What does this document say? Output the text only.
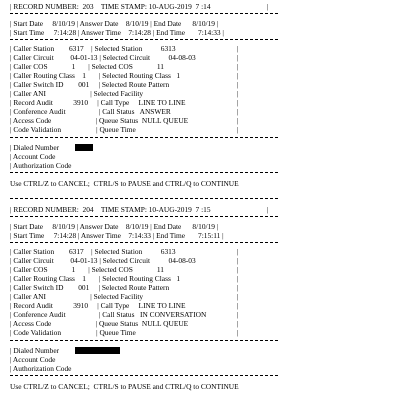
| RECORD NUMBER:  203    TIME STAMP: 10-AUG-2019  7 :14	|
| Start Date     8/10/19 | Answer Date    8/10/19 | End Date      8/10/19 |
| Start Time     7:14:28 | Answer Time    7:14:28 | End Time       7:14:33 |
| Caller Station        6317    | Selected Station          6313	|
| Caller Circuit         04-01-13 | Selected Circuit          04-08-03	|
| Caller COS             1       | Selected COS             11	|
| Caller Routing Class    1       | Selected Routing Class   1	|
| Caller Switch ID        001     | Selected Route Pattern	|
| Caller ANI                        | Selected Facility	|
| Record Audit           3910     | Call Type     LINE TO LINE	|
| Conference Audit                  | Call Status   ANSWER	|
| Access Code                        | Queue Status  NULL QUEUE	|
| Code Validation                   | Queue Time	|
| Dialed Number
| Account Code
| Authorization Code
Use CTRL/Z to CANCEL;  CTRL/S to PAUSE and CTRL/Q to CONTINUE
| RECORD NUMBER:  204    TIME STAMP: 10-AUG-2019  7 :15	|
| Start Date     8/10/19 | Answer Date    8/10/19 | End Date      8/10/19 |
| Start Time     7:14:28 | Answer Time    7:14:33 | End Time       7:15:11 |
| Caller Station        6317    | Selected Station          6313	|
| Caller Circuit         04-01-13 | Selected Circuit          04-08-03	|
| Caller COS             1       | Selected COS             11	|
| Caller Routing Class    1       | Selected Routing Class   1	|
| Caller Switch ID        001     | Selected Route Pattern	|
| Caller ANI                        | Selected Facility	|
| Record Audit           3910     | Call Type     LINE TO LINE	|
| Conference Audit                  | Call Status   IN CONVERSATION	|
| Access Code                        | Queue Status  NULL QUEUE	|
| Code Validation                   | Queue Time	|
| Dialed Number
| Account Code
| Authorization Code
Use CTRL/Z to CANCEL;  CTRL/S to PAUSE and CTRL/Q to CONTINUE
